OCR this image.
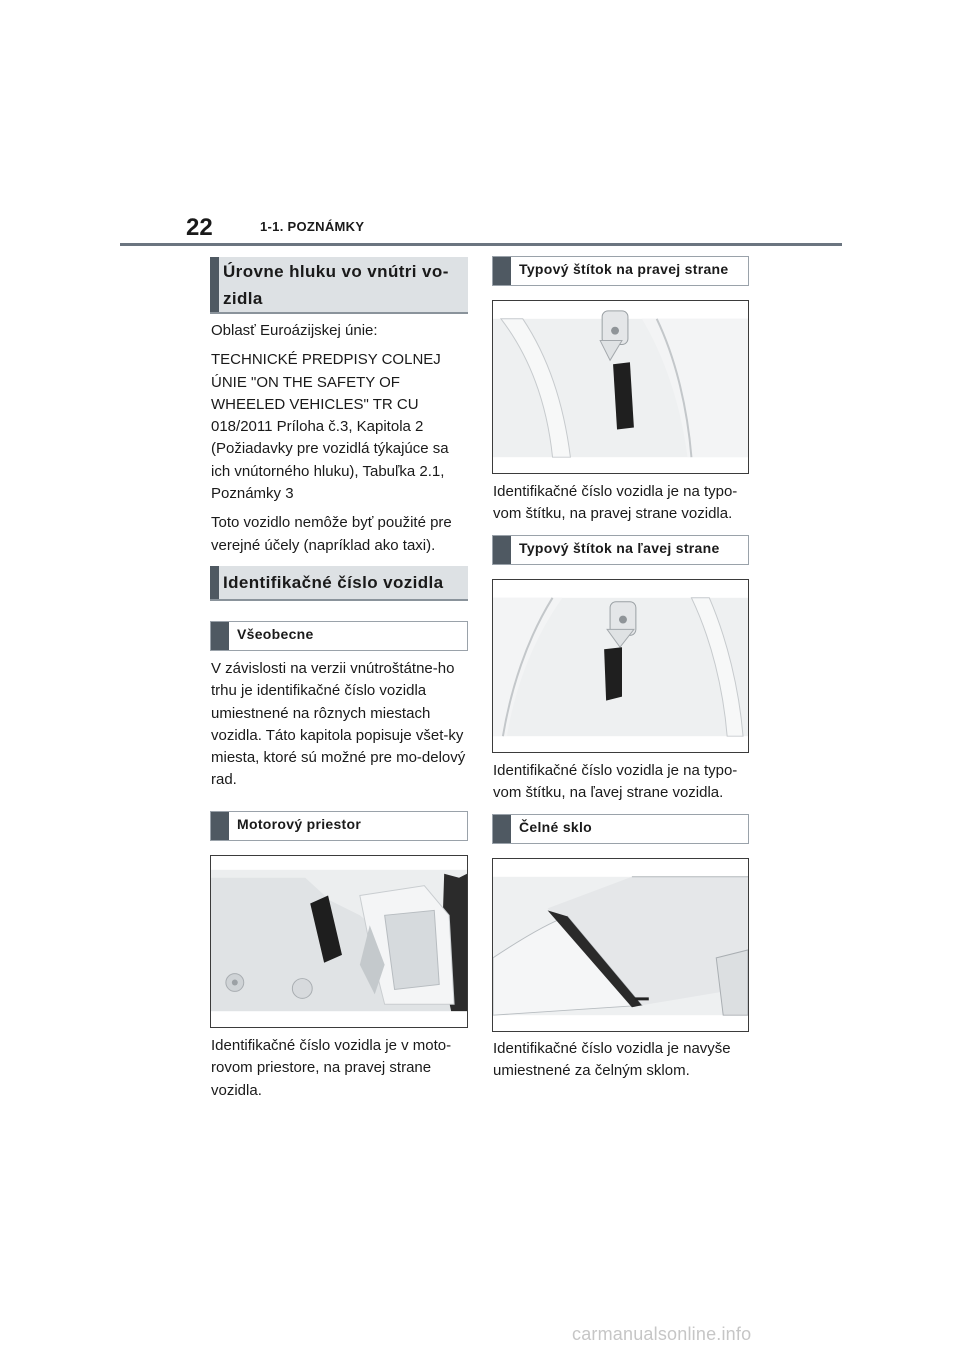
22	1-1. POZNÁMKY
Úrovne hluku vo vnútri vo-
zidla

Oblasť Euroázijskej únie:

TECHNICKÉ PREDPISY COLNEJ ÚNIE "ON THE SAFETY OF WHEELED VEHICLES" TR CU 018/2011 Príloha č.3, Kapitola 2 (Požiadavky pre vozidlá týkajúce sa ich vnútorného hluku), Tabuľka 2.1, Poznámky 3

Toto vozidlo nemôže byť použité pre verejné účely (napríklad ako taxi).

Identifikačné číslo vozidla
Všeobecne
V závislosti na verzii vnútroštátne-ho trhu je identifikačné číslo vozidla umiestnené na rôznych miestach vozidla. Táto kapitola popisuje všet-ky miesta, ktoré sú možné pre mo-delový rad.
Motorový priestor
Identifikačné číslo vozidla je v moto-rovom priestore, na pravej strane vozidla.
Typový štítok na pravej strane
Identifikačné číslo vozidla je na typo-vom štítku, na pravej strane vozidla.
Typový štítok na ľavej strane
Identifikačné číslo vozidla je na typo-vom štítku, na ľavej strane vozidla.
Čelné sklo
Identifikačné číslo vozidla je navyše umiestnené za čelným sklom.
carmanualsonline.info
